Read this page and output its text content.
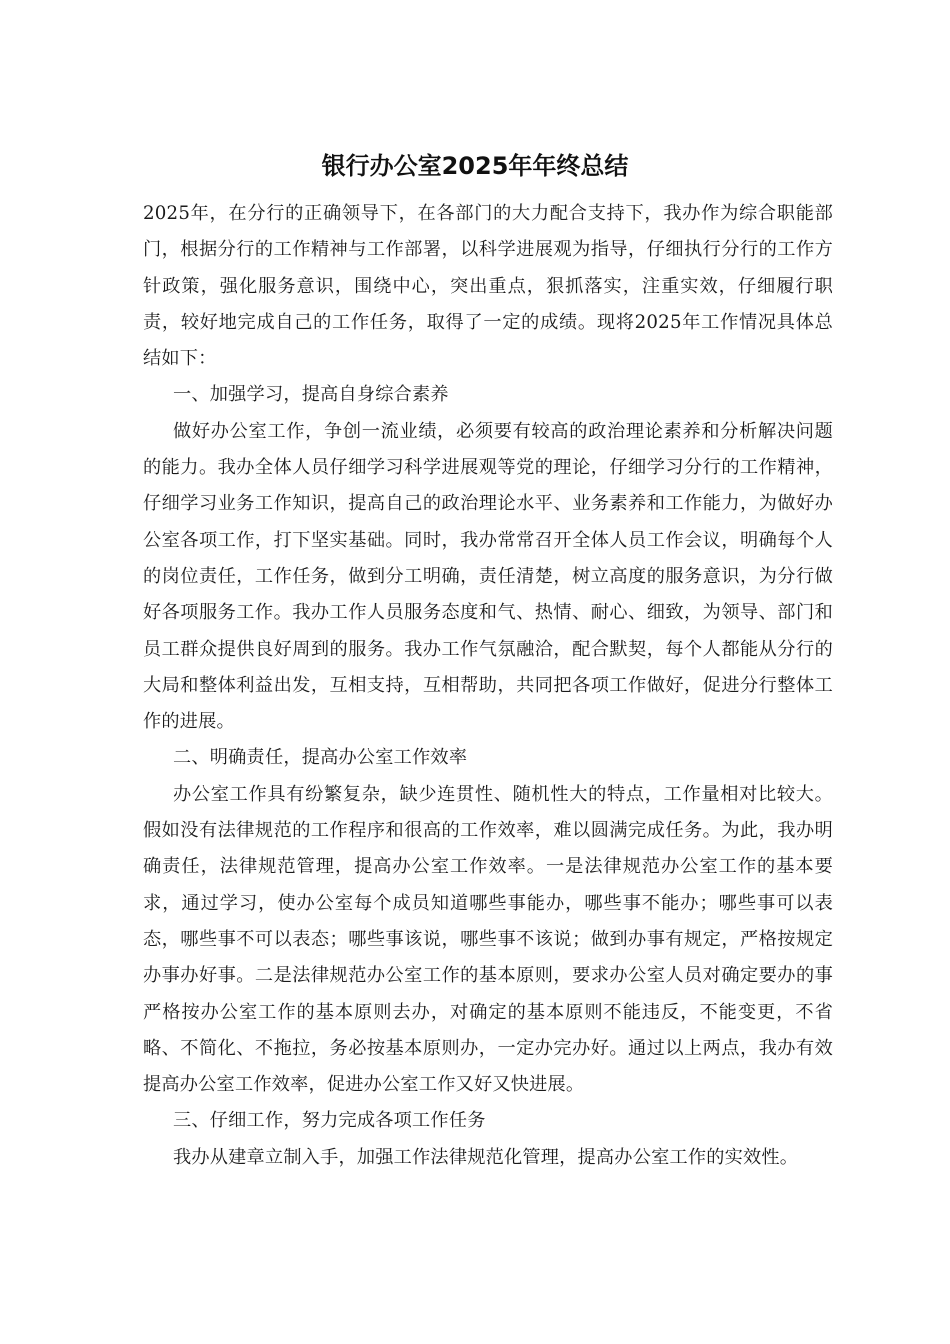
银行办公室2025年年终总结

2025年，在分行的正确领导下，在各部门的大力配合支持下，我办作为综合职能部门，根据分行的工作精神与工作部署，以科学进展观为指导，仔细执行分行的工作方针政策，强化服务意识，围绕中心，突出重点，狠抓落实，注重实效，仔细履行职责，较好地完成自己的工作任务，取得了一定的成绩。现将2025年工作情况具体总结如下：

一、加强学习，提高自身综合素养

做好办公室工作，争创一流业绩，必须要有较高的政治理论素养和分析解决问题的能力。我办全体人员仔细学习科学进展观等党的理论，仔细学习分行的工作精神，仔细学习业务工作知识，提高自己的政治理论水平、业务素养和工作能力，为做好办公室各项工作，打下坚实基础。同时，我办常常召开全体人员工作会议，明确每个人的岗位责任，工作任务，做到分工明确，责任清楚，树立高度的服务意识，为分行做好各项服务工作。我办工作人员服务态度和气、热情、耐心、细致，为领导、部门和员工群众提供良好周到的服务。我办工作气氛融洽，配合默契，每个人都能从分行的大局和整体利益出发，互相支持，互相帮助，共同把各项工作做好，促进分行整体工作的进展。

二、明确责任，提高办公室工作效率

办公室工作具有纷繁复杂，缺少连贯性、随机性大的特点，工作量相对比较大。假如没有法律规范的工作程序和很高的工作效率，难以圆满完成任务。为此，我办明确责任，法律规范管理，提高办公室工作效率。一是法律规范办公室工作的基本要求，通过学习，使办公室每个成员知道哪些事能办，哪些事不能办；哪些事可以表态，哪些事不可以表态；哪些事该说，哪些事不该说；做到办事有规定，严格按规定办事办好事。二是法律规范办公室工作的基本原则，要求办公室人员对确定要办的事严格按办公室工作的基本原则去办，对确定的基本原则不能违反，不能变更，不省略、不简化、不拖拉，务必按基本原则办，一定办完办好。通过以上两点，我办有效提高办公室工作效率，促进办公室工作又好又快进展。

三、仔细工作，努力完成各项工作任务

我办从建章立制入手，加强工作法律规范化管理，提高办公室工作的实效性。
